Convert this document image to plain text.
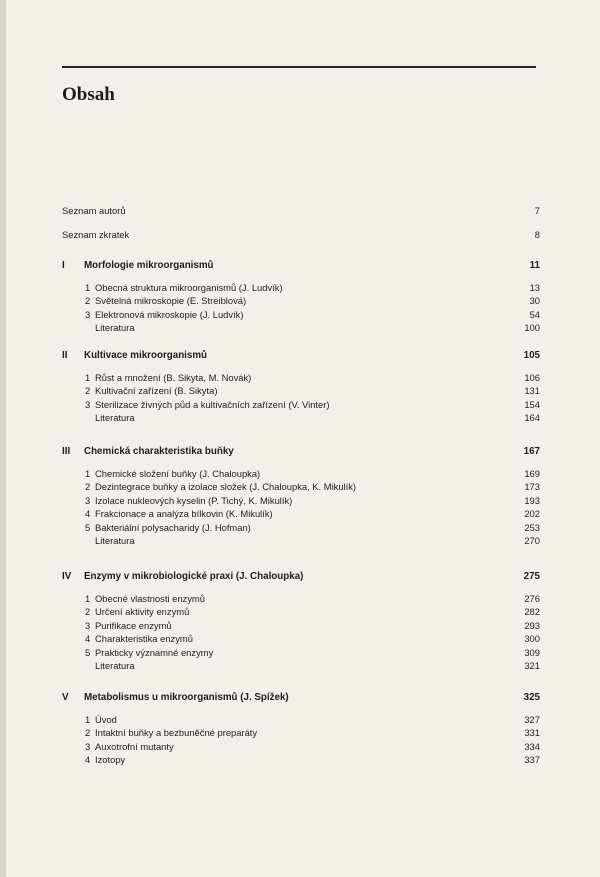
Obsah
Seznam autorů	7
Seznam zkratek	8
I Morfologie mikroorganismů	11
1 Obecná struktura mikroorganismů (J. Ludvík)	13
2 Světelná mikroskopie (E. Streiblová)	30
3 Elektronová mikroskopie (J. Ludvík)	54
Literatura	100
II Kultivace mikroorganismů	105
1 Růst a množení (B. Sikyta, M. Novák)	106
2 Kultivační zařízení (B. Sikyta)	131
3 Sterilizace živných půd a kultivačních zařízení (V. Vinter)	154
Literatura	164
III Chemická charakteristika buňky	167
1 Chemické složení buňky (J. Chaloupka)	169
2 Dezintegrace buňky a izolace složek (J. Chaloupka, K. Mikulík)	173
3 Izolace nukleových kyselin (P. Tichý, K. Mikulík)	193
4 Frakcionace a analýza bílkovin (K. Mikulík)	202
5 Bakteriální polysacharidy (J. Hofman)	253
Literatura	270
IV Enzymy v mikrobiologické praxi (J. Chaloupka)	275
1 Obecné vlastnosti enzymů	276
2 Určení aktivity enzymů	282
3 Purifikace enzymů	293
4 Charakteristika enzymů	300
5 Prakticky významné enzymy	309
Literatura	321
V Metabolismus u mikroorganismů (J. Spížek)	325
1 Úvod	327
2 Intaktní buňky a bezbuněčné preparáty	331
3 Auxotrofní mutanty	334
4 Izotopy	337
